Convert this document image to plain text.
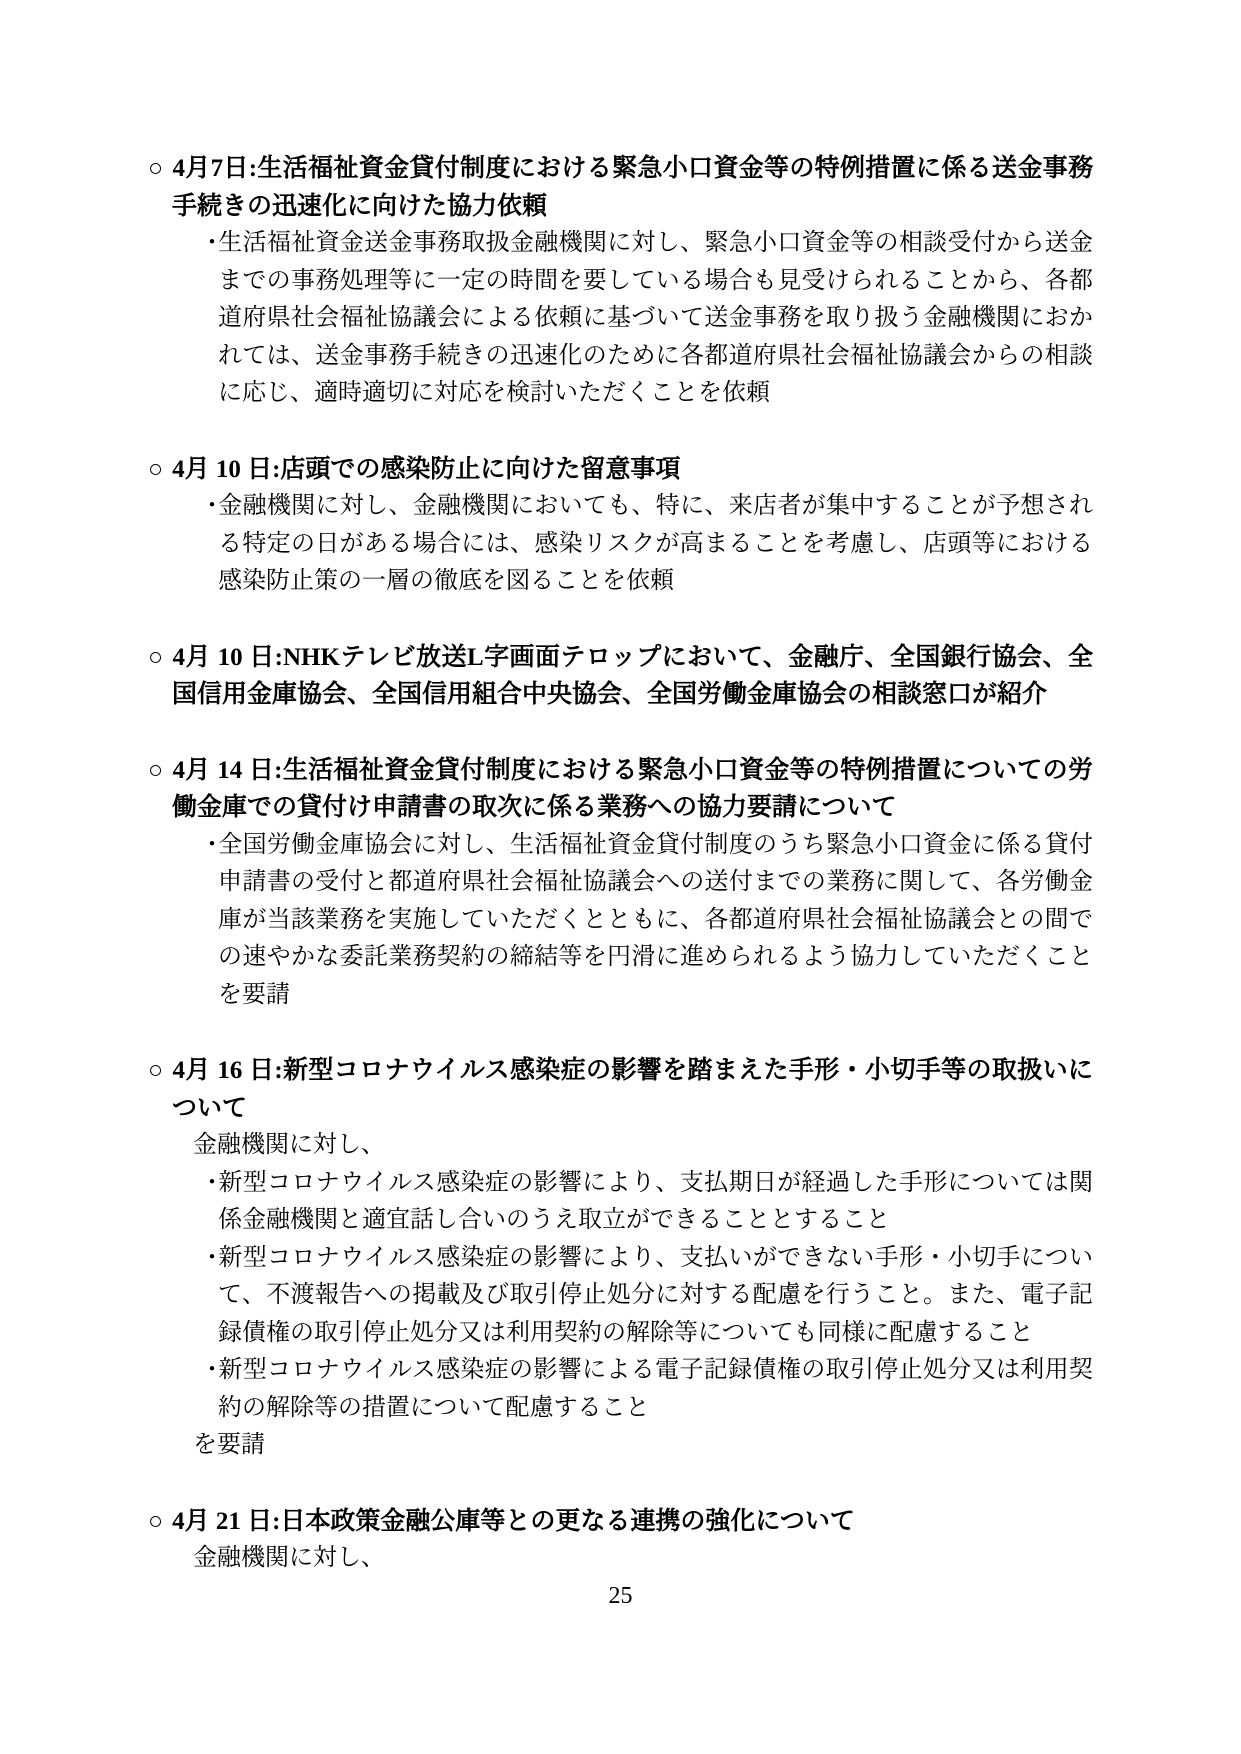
○ 4月7日:生活福祉資金貸付制度における緊急小口資金等の特例措置に係る送金事務手続きの迅速化に向けた協力依頼

・生活福祉資金送金事務取扱金融機関に対し、緊急小口資金等の相談受付から送金までの事務処理等に一定の時間を要している場合も見受けられることから、各都道府県社会福祉協議会による依頼に基づいて送金事務を取り扱う金融機関におかれては、送金事務手続きの迅速化のために各都道府県社会福祉協議会からの相談に応じ、適時適切に対応を検討いただくことを依頼

○ 4月 10 日:店頭での感染防止に向けた留意事項

・金融機関に対し、金融機関においても、特に、来店者が集中することが予想される特定の日がある場合には、感染リスクが高まることを考慮し、店頭等における感染防止策の一層の徹底を図ることを依頼

○ 4月 10 日:NHKテレビ放送L字画面テロップにおいて、金融庁、全国銀行協会、全国信用金庫協会、全国信用組合中央協会、全国労働金庫協会の相談窓口が紹介

○ 4月 14 日:生活福祉資金貸付制度における緊急小口資金等の特例措置についての労働金庫での貸付け申請書の取次に係る業務への協力要請について

・全国労働金庫協会に対し、生活福祉資金貸付制度のうち緊急小口資金に係る貸付申請書の受付と都道府県社会福祉協議会への送付までの業務に関して、各労働金庫が当該業務を実施していただくとともに、各都道府県社会福祉協議会との間での速やかな委託業務契約の締結等を円滑に進められるよう協力していただくことを要請

○ 4月 16 日:新型コロナウイルス感染症の影響を踏まえた手形・小切手等の取扱いについて

金融機関に対し、

・新型コロナウイルス感染症の影響により、支払期日が経過した手形については関係金融機関と適宜話し合いのうえ取立ができることとすること

・新型コロナウイルス感染症の影響により、支払いができない手形・小切手について、不渡報告への掲載及び取引停止処分に対する配慮を行うこと。また、電子記録債権の取引停止処分又は利用契約の解除等についても同様に配慮すること

・新型コロナウイルス感染症の影響による電子記録債権の取引停止処分又は利用契約の解除等の措置について配慮すること

を要請

○ 4月 21 日:日本政策金融公庫等との更なる連携の強化について

金融機関に対し、

25
